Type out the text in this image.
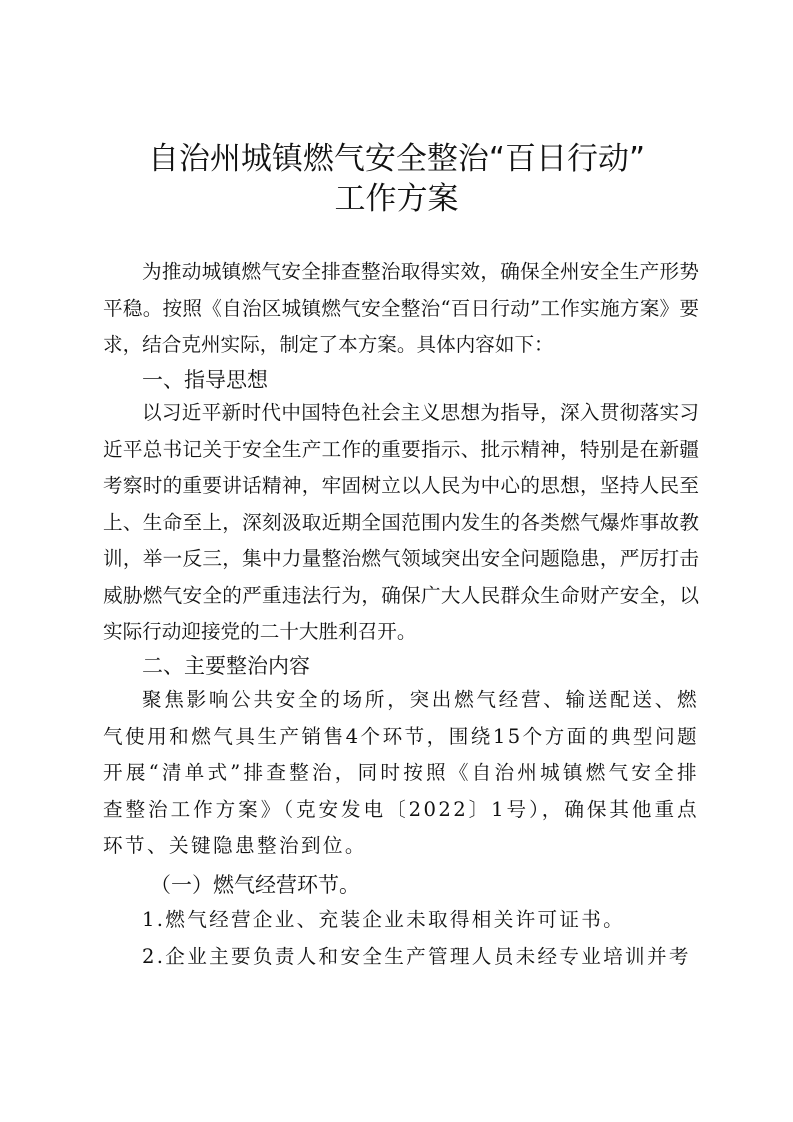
自治州城镇燃气安全整治“百日行动”
工作方案

为推动城镇燃气安全排查整治取得实效，确保全州安全生产形势平稳。按照《自治区城镇燃气安全整治“百日行动”工作实施方案》要求，结合克州实际，制定了本方案。具体内容如下：

一、指导思想

以习近平新时代中国特色社会主义思想为指导，深入贯彻落实习近平总书记关于安全生产工作的重要指示、批示精神，特别是在新疆考察时的重要讲话精神，牢固树立以人民为中心的思想，坚持人民至上、生命至上，深刻汲取近期全国范围内发生的各类燃气爆炸事故教训，举一反三，集中力量整治燃气领域突出安全问题隐患，严厉打击威胁燃气安全的严重违法行为，确保广大人民群众生命财产安全，以实际行动迎接党的二十大胜利召开。

二、主要整治内容

聚焦影响公共安全的场所，突出燃气经营、输送配送、燃气使用和燃气具生产销售4个环节，围绕15个方面的典型问题开展“清单式”排查整治，同时按照《自治州城镇燃气安全排查整治工作方案》（克安发电〔2022〕1号），确保其他重点环节、关键隐患整治到位。

（一）燃气经营环节。
1.燃气经营企业、充装企业未取得相关许可证书。
2.企业主要负责人和安全生产管理人员未经专业培训并考
